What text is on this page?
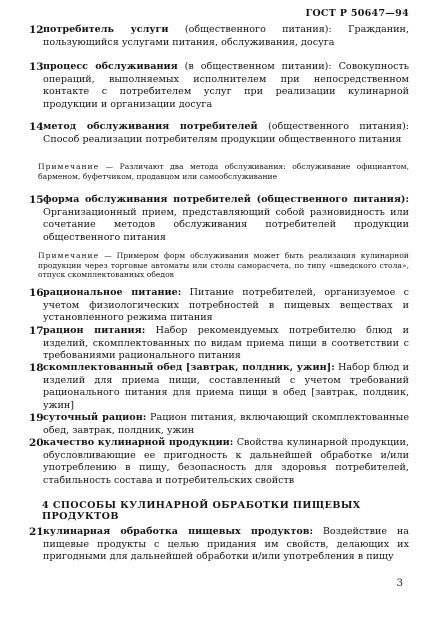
ГОСТ Р 50647—94
12 потребитель услуги (общественного питания): Гражданин, пользующийся услугами питания, обслуживания, досуга
13 процесс обслуживания (в общественном питании): Совокупность операций, выполняемых исполнителем при непосредственном контакте с потребителем услуг при реализации кулинарной продукции и организации досуга
14 метод обслуживания потребителей (общественного питания): Способ реализации потребителям продукции общественного питания
Примечание — Различают два метода обслуживания: обслуживание официантом, барменом, буфетчиком, продавцом или самообслуживание
15 форма обслуживания потребителей (общественного питания): Организационный прием, представляющий собой разновидность или сочетание методов обслуживания потребителей продукции общественного питания
Примечание — Примером форм обслуживания может быть реализация кулинарной продукции через торговые автоматы или столы саморасчета, по типу «шведского стола», отпуск скомплектованных обедов
16 рациональное питание: Питание потребителей, организуемое с учетом физиологических потребностей в пищевых веществах и установленного режима питания
17 рацион питания: Набор рекомендуемых потребителю блюд и изделий, скомплектованных по видам приема пищи в соответствии с требованиями рационального питания
18 скомплектованный обед [завтрак, полдник, ужин]: Набор блюд и изделий для приема пищи, составленный с учетом требований рационального питания для приема пищи в обед [завтрак, полдник, ужин]
19 суточный рацион: Рацион питания, включающий скомплектованные обед, завтрак, полдник, ужин
20 качество кулинарной продукции: Свойства кулинарной продукции, обусловливающие ее пригодность к дальнейшей обработке и/или употреблению в пищу, безопасность для здоровья потребителей, стабильность состава и потребительских свойств
4 СПОСОБЫ КУЛИНАРНОЙ ОБРАБОТКИ ПИЩЕВЫХ ПРОДУКТОВ
21 кулинарная обработка пищевых продуктов: Воздействие на пищевые продукты с целью придания им свойств, делающих их пригодными для дальнейшей обработки и/или употребления в пищу
3
